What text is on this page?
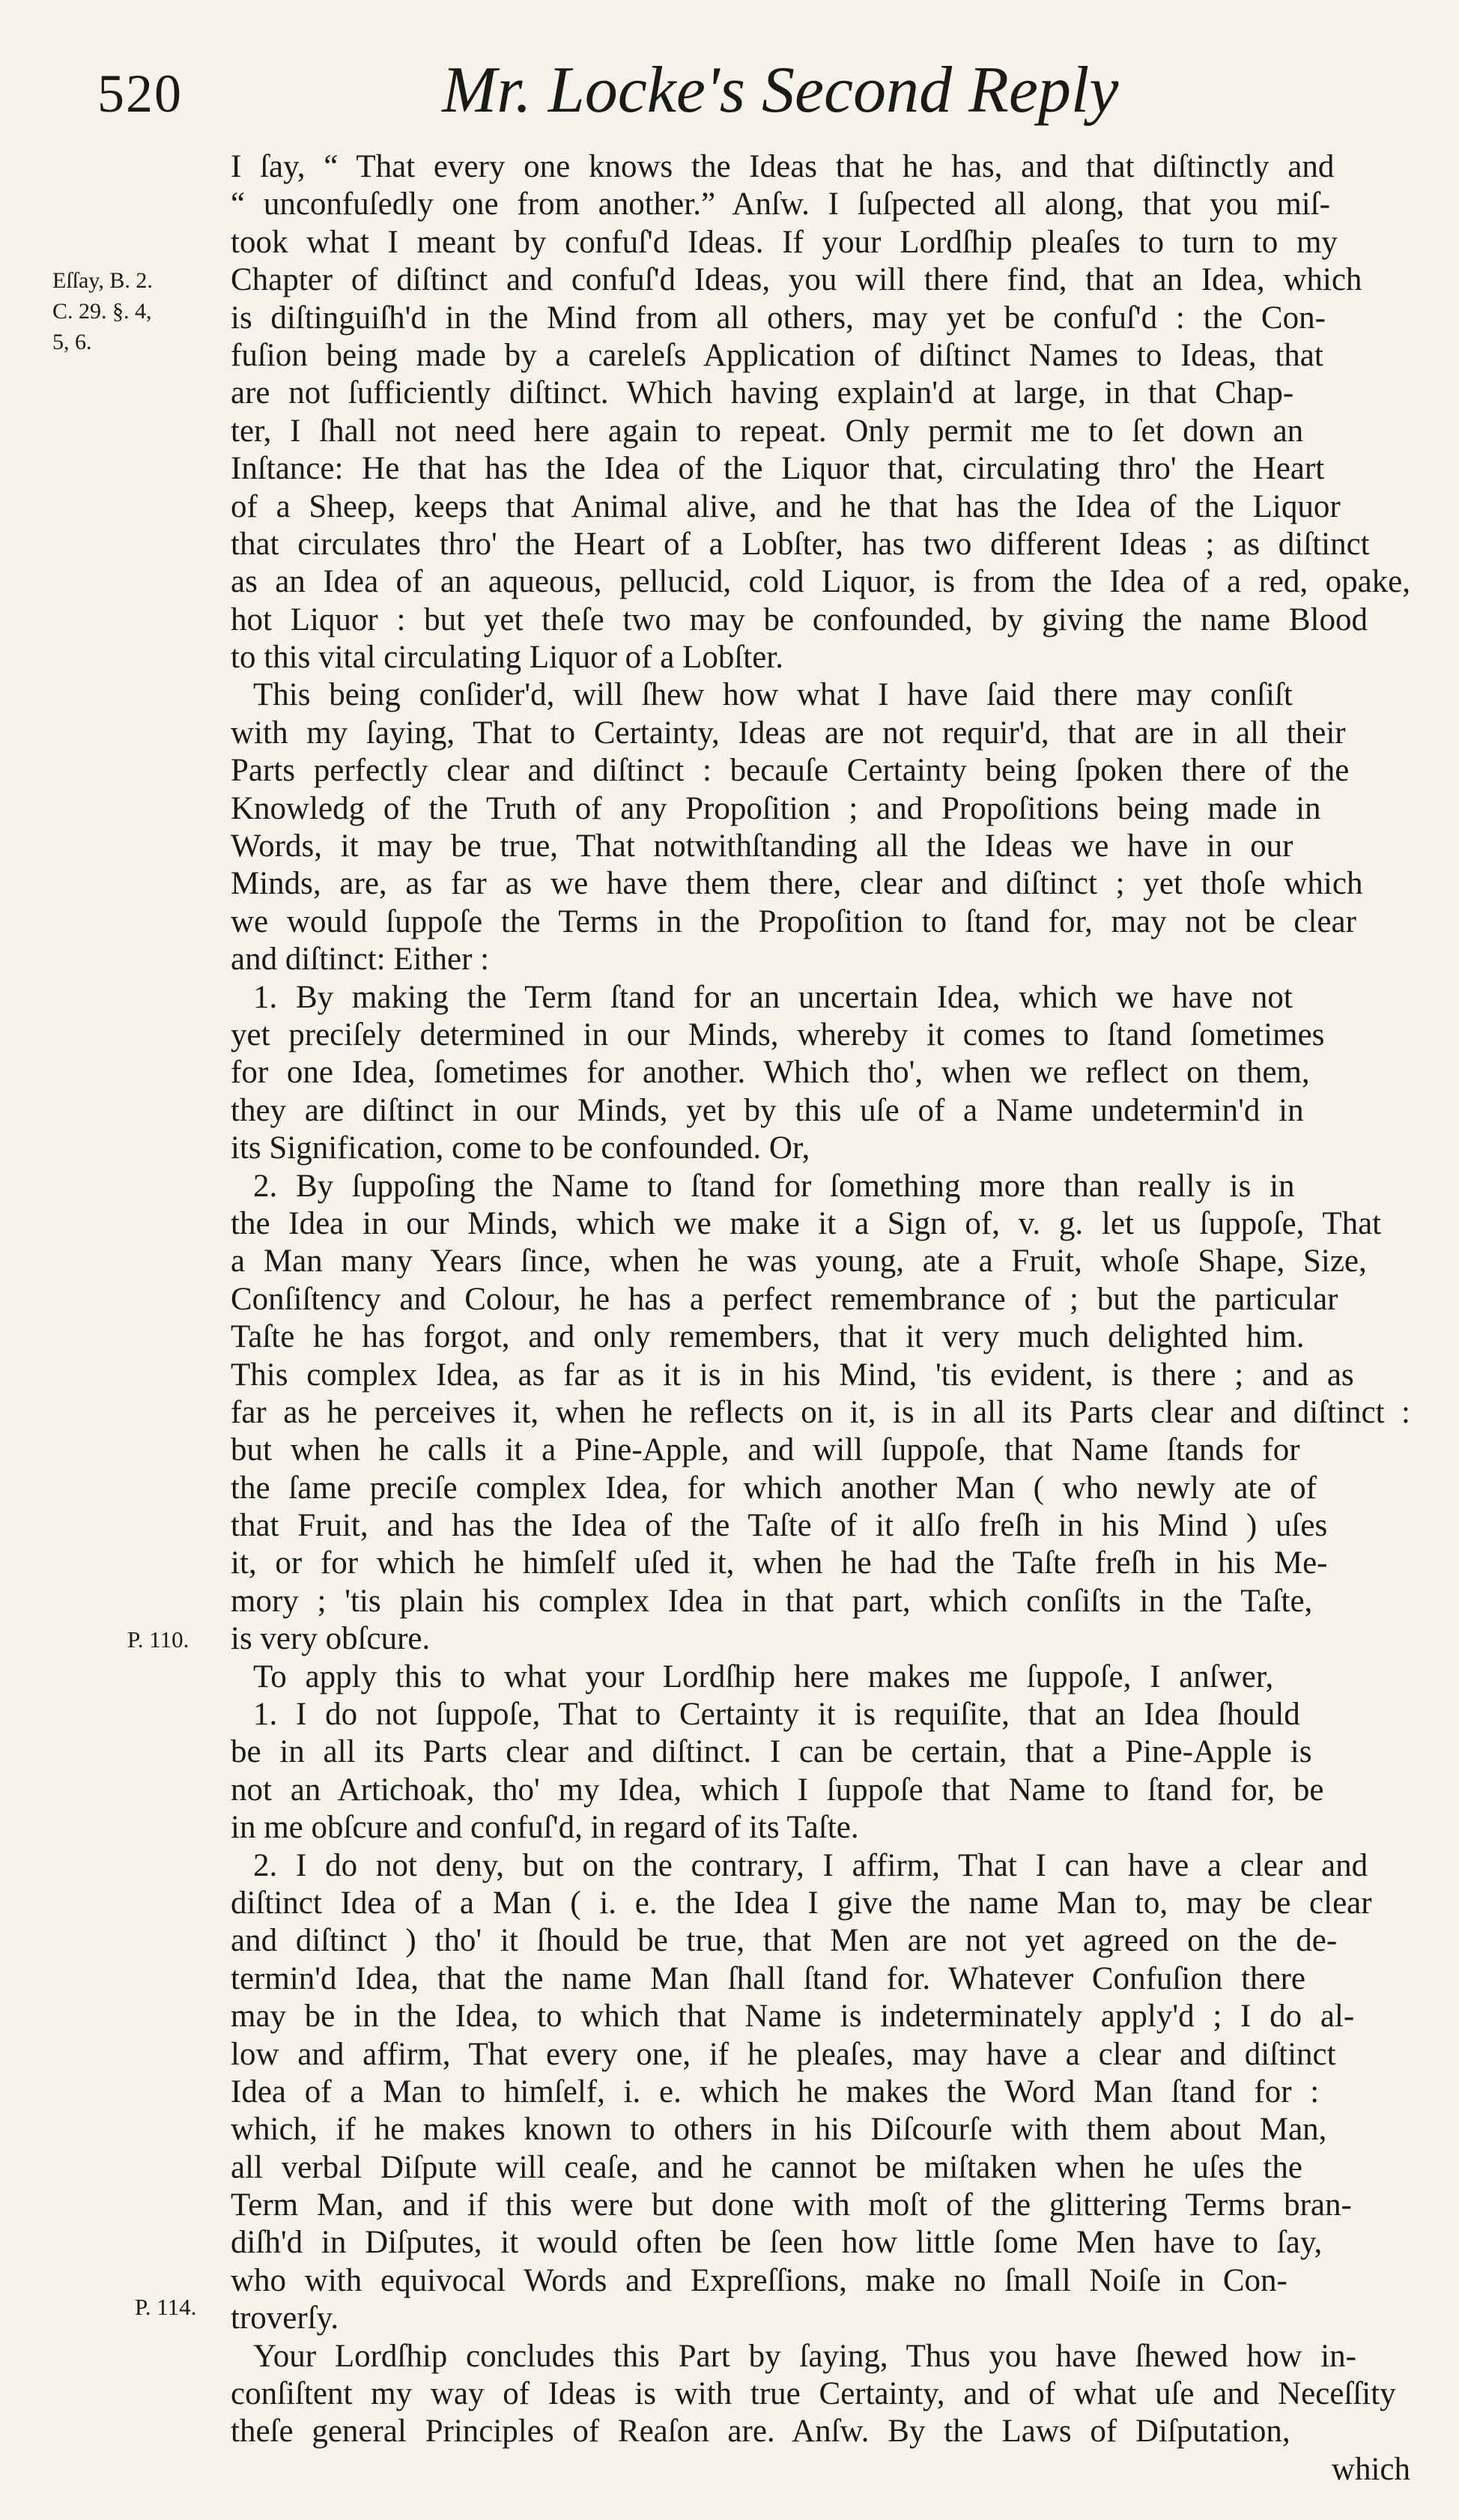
520	Mr. Locke's Second Reply
Eſſay, B. 2.
C. 29. §. 4,
5, 6.
P. 110.
P. 114.
I ſay, “ That every one knows the Ideas that he has, and that diſtinctly and
“ unconfuſedly one from another.” Anſw. I ſuſpected all along, that you miſ-
took what I meant by confuſ'd Ideas. If your Lordſhip pleaſes to turn to my
Chapter of diſtinct and confuſ'd Ideas, you will there find, that an Idea, which
is diſtinguiſh'd in the Mind from all others, may yet be confuſ'd : the Con-
fuſion being made by a careleſs Application of diſtinct Names to Ideas, that
are not ſufficiently diſtinct. Which having explain'd at large, in that Chap-
ter, I ſhall not need here again to repeat. Only permit me to ſet down an
Inſtance: He that has the Idea of the Liquor that, circulating thro' the Heart
of a Sheep, keeps that Animal alive, and he that has the Idea of the Liquor
that circulates thro' the Heart of a Lobſter, has two different Ideas ; as diſtinct
as an Idea of an aqueous, pellucid, cold Liquor, is from the Idea of a red, opake,
hot Liquor : but yet theſe two may be confounded, by giving the name Blood
to this vital circulating Liquor of a Lobſter.
This being conſider'd, will ſhew how what I have ſaid there may conſiſt
with my ſaying, That to Certainty, Ideas are not requir'd, that are in all their
Parts perfectly clear and diſtinct : becauſe Certainty being ſpoken there of the
Knowledg of the Truth of any Propoſition ; and Propoſitions being made in
Words, it may be true, That notwithſtanding all the Ideas we have in our
Minds, are, as far as we have them there, clear and diſtinct ; yet thoſe which
we would ſuppoſe the Terms in the Propoſition to ſtand for, may not be clear
and diſtinct: Either :
1. By making the Term ſtand for an uncertain Idea, which we have not
yet preciſely determined in our Minds, whereby it comes to ſtand ſometimes
for one Idea, ſometimes for another. Which tho', when we reflect on them,
they are diſtinct in our Minds, yet by this uſe of a Name undetermin'd in
its Signification, come to be confounded. Or,
2. By ſuppoſing the Name to ſtand for ſomething more than really is in
the Idea in our Minds, which we make it a Sign of, v. g. let us ſuppoſe, That
a Man many Years ſince, when he was young, ate a Fruit, whoſe Shape, Size,
Conſiſtency and Colour, he has a perfect remembrance of ; but the particular
Taſte he has forgot, and only remembers, that it very much delighted him.
This complex Idea, as far as it is in his Mind, 'tis evident, is there ; and as
far as he perceives it, when he reflects on it, is in all its Parts clear and diſtinct :
but when he calls it a Pine-Apple, and will ſuppoſe, that Name ſtands for
the ſame preciſe complex Idea, for which another Man ( who newly ate of
that Fruit, and has the Idea of the Taſte of it alſo freſh in his Mind ) uſes
it, or for which he himſelf uſed it, when he had the Taſte freſh in his Me-
mory ; 'tis plain his complex Idea in that part, which conſiſts in the Taſte,
is very obſcure.
To apply this to what your Lordſhip here makes me ſuppoſe, I anſwer,
1. I do not ſuppoſe, That to Certainty it is requiſite, that an Idea ſhould
be in all its Parts clear and diſtinct. I can be certain, that a Pine-Apple is
not an Artichoak, tho' my Idea, which I ſuppoſe that Name to ſtand for, be
in me obſcure and confuſ'd, in regard of its Taſte.
2. I do not deny, but on the contrary, I affirm, That I can have a clear and
diſtinct Idea of a Man ( i. e. the Idea I give the name Man to, may be clear
and diſtinct ) tho' it ſhould be true, that Men are not yet agreed on the de-
termin'd Idea, that the name Man ſhall ſtand for. Whatever Confuſion there
may be in the Idea, to which that Name is indeterminately apply'd ; I do al-
low and affirm, That every one, if he pleaſes, may have a clear and diſtinct
Idea of a Man to himſelf, i. e. which he makes the Word Man ſtand for :
which, if he makes known to others in his Diſcourſe with them about Man,
all verbal Diſpute will ceaſe, and he cannot be miſtaken when he uſes the
Term Man, and if this were but done with moſt of the glittering Terms bran-
diſh'd in Diſputes, it would often be ſeen how little ſome Men have to ſay,
who with equivocal Words and Expreſſions, make no ſmall Noiſe in Con-
troverſy.
Your Lordſhip concludes this Part by ſaying, Thus you have ſhewed how in-
conſiſtent my way of Ideas is with true Certainty, and of what uſe and Neceſſity
theſe general Principles of Reaſon are. Anſw. By the Laws of Diſputation,
which
